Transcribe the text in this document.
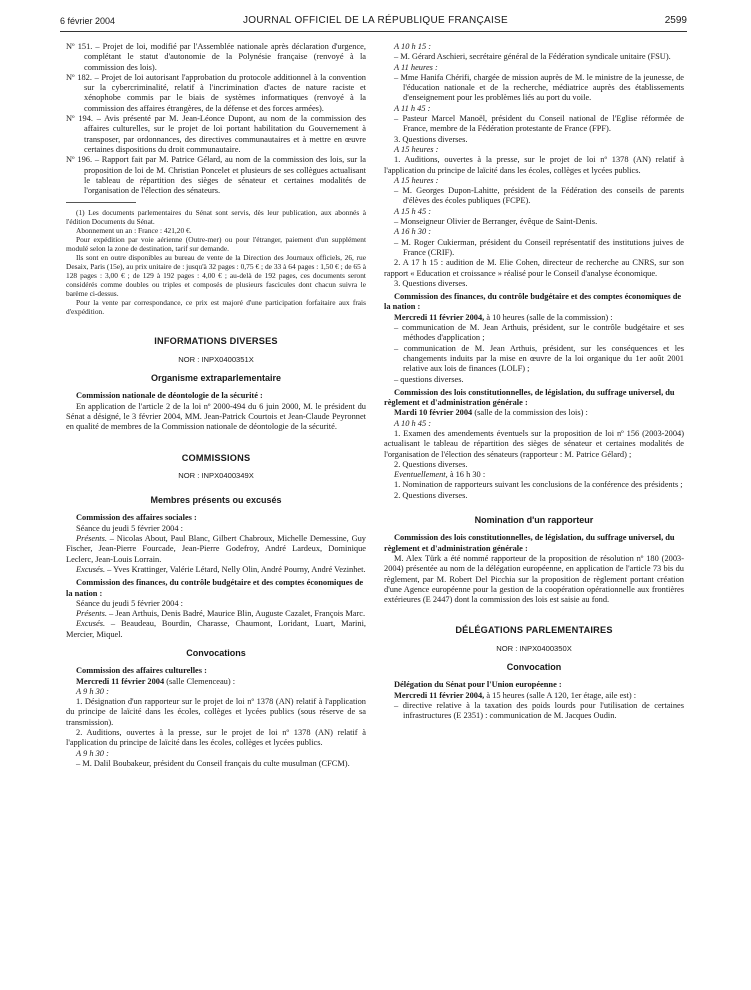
6 février 2004	JOURNAL OFFICIEL DE LA RÉPUBLIQUE FRANÇAISE	2599

Nº 151. – Projet de loi, modifié par l'Assemblée nationale après déclaration d'urgence, complétant le statut d'autonomie de la Polynésie française (renvoyé à la commission des lois).

Nº 182. – Projet de loi autorisant l'approbation du protocole additionnel à la convention sur la cybercriminalité, relatif à l'incrimination d'actes de nature raciste et xénophobe commis par le biais de systèmes informatiques (renvoyé à la commission des affaires étrangères, de la défense et des forces armées).

Nº 194. – Avis présenté par M. Jean-Léonce Dupont, au nom de la commission des affaires culturelles, sur le projet de loi portant habilitation du Gouvernement à transposer, par ordonnances, des directives communautaires et à mettre en œuvre certaines dispositions du droit communautaire.

Nº 196. – Rapport fait par M. Patrice Gélard, au nom de la commission des lois, sur la proposition de loi de M. Christian Poncelet et plusieurs de ses collègues actualisant le tableau de répartition des sièges de sénateur et certaines modalités de l'organisation de l'élection des sénateurs.

(1) Les documents parlementaires du Sénat sont servis, dès leur publication, aux abonnés à l'édition Documents du Sénat.

Abonnement un an : France : 421,20 €.

Pour expédition par voie aérienne (Outre-mer) ou pour l'étranger, paiement d'un supplément modulé selon la zone de destination, tarif sur demande.

Ils sont en outre disponibles au bureau de vente de la Direction des Journaux officiels, 26, rue Desaix, Paris (15e), au prix unitaire de : jusqu'à 32 pages : 0,75 € ; de 33 à 64 pages : 1,50 € ; de 65 à 128 pages : 3,00 € ; de 129 à 192 pages : 4,00 € ; au-delà de 192 pages, ces documents seront considérés comme doubles ou triples et composés de plusieurs fascicules dont chacun suivra le barème ci-dessus.

Pour la vente par correspondance, ce prix est majoré d'une participation forfaitaire aux frais d'expédition.

INFORMATIONS DIVERSES

NOR : INPX0400351X

Organisme extraparlementaire

Commission nationale de déontologie de la sécurité :

En application de l'article 2 de la loi nº 2000-494 du 6 juin 2000, M. le président du Sénat a désigné, le 3 février 2004, MM. Jean-Patrick Courtois et Jean-Claude Peyronnet en qualité de membres de la Commission nationale de déontologie de la sécurité.

COMMISSIONS

NOR : INPX0400349X

Membres présents ou excusés

Commission des affaires sociales :

Séance du jeudi 5 février 2004 :

Présents. – Nicolas About, Paul Blanc, Gilbert Chabroux, Michelle Demessine, Guy Fischer, Jean-Pierre Fourcade, Jean-Pierre Godefroy, André Lardeux, Dominique Leclerc, Jean-Louis Lorrain.

Excusés. – Yves Krattinger, Valérie Létard, Nelly Olin, André Pourny, André Vezinhet.

Commission des finances, du contrôle budgétaire et des comptes économiques de la nation :

Séance du jeudi 5 février 2004 :

Présents. – Jean Arthuis, Denis Badré, Maurice Blin, Auguste Cazalet, François Marc.

Excusés. – Beaudeau, Bourdin, Charasse, Chaumont, Loridant, Luart, Marini, Mercier, Miquel.

Convocations

Commission des affaires culturelles :

Mercredi 11 février 2004 (salle Clemenceau) :

A 9 h 30 :

1. Désignation d'un rapporteur sur le projet de loi nº 1378 (AN) relatif à l'application du principe de laïcité dans les écoles, collèges et lycées publics (sous réserve de sa transmission).

2. Auditions, ouvertes à la presse, sur le projet de loi nº 1378 (AN) relatif à l'application du principe de laïcité dans les écoles, collèges et lycées publics.

A 9 h 30 :

– M. Dalil Boubakeur, président du Conseil français du culte musulman (CFCM).

A 10 h 15 :

– M. Gérard Aschieri, secrétaire général de la Fédération syndicale unitaire (FSU).

A 11 heures :

– Mme Hanifa Chérifi, chargée de mission auprès de M. le ministre de la jeunesse, de l'éducation nationale et de la recherche, médiatrice auprès des établissements d'enseignement pour les problèmes liés au port du voile.

A 11 h 45 :

– Pasteur Marcel Manoël, président du Conseil national de l'Eglise réformée de France, membre de la Fédération protestante de France (FPF).

3. Questions diverses.

A 15 heures :

1. Auditions, ouvertes à la presse, sur le projet de loi nº 1378 (AN) relatif à l'application du principe de laïcité dans les écoles, collèges et lycées publics.

A 15 heures :

– M. Georges Dupon-Lahitte, président de la Fédération des conseils de parents d'élèves des écoles publiques (FCPE).

A 15 h 45 :

– Monseigneur Olivier de Berranger, évêque de Saint-Denis.

A 16 h 30 :

– M. Roger Cukierman, président du Conseil représentatif des institutions juives de France (CRIF).

2. A 17 h 15 : audition de M. Elie Cohen, directeur de recherche au CNRS, sur son rapport « Education et croissance » réalisé pour le Conseil d'analyse économique.

3. Questions diverses.

Commission des finances, du contrôle budgétaire et des comptes économiques de la nation :

Mercredi 11 février 2004, à 10 heures (salle de la commission) :

– communication de M. Jean Arthuis, président, sur le contrôle budgétaire et ses méthodes d'application ;

– communication de M. Jean Arthuis, président, sur les conséquences et les changements induits par la mise en œuvre de la loi organique du 1er août 2001 relative aux lois de finances (LOLF) ;

– questions diverses.

Commission des lois constitutionnelles, de législation, du suffrage universel, du règlement et d'administration générale :

Mardi 10 février 2004 (salle de la commission des lois) :

A 10 h 45 :

1. Examen des amendements éventuels sur la proposition de loi nº 156 (2003-2004) actualisant le tableau de répartition des sièges de sénateur et certaines modalités de l'organisation de l'élection des sénateurs (rapporteur : M. Patrice Gélard) ;

2. Questions diverses.

Eventuellement, à 16 h 30 :

1. Nomination de rapporteurs suivant les conclusions de la conférence des présidents ;

2. Questions diverses.

Nomination d'un rapporteur

Commission des lois constitutionnelles, de législation, du suffrage universel, du règlement et d'administration générale :

M. Alex Türk a été nommé rapporteur de la proposition de résolution nº 180 (2003-2004) présentée au nom de la délégation européenne, en application de l'article 73 bis du règlement, par M. Robert Del Picchia sur la proposition de règlement portant création d'une Agence européenne pour la gestion de la coopération opérationnelle aux frontières extérieures (E 2447) dont la commission des lois est saisie au fond.

DÉLÉGATIONS PARLEMENTAIRES

NOR : INPX0400350X

Convocation

Délégation du Sénat pour l'Union européenne :

Mercredi 11 février 2004, à 15 heures (salle A 120, 1er étage, aile est) :

– directive relative à la taxation des poids lourds pour l'utilisation de certaines infrastructures (E 2351) : communication de M. Jacques Oudin.
